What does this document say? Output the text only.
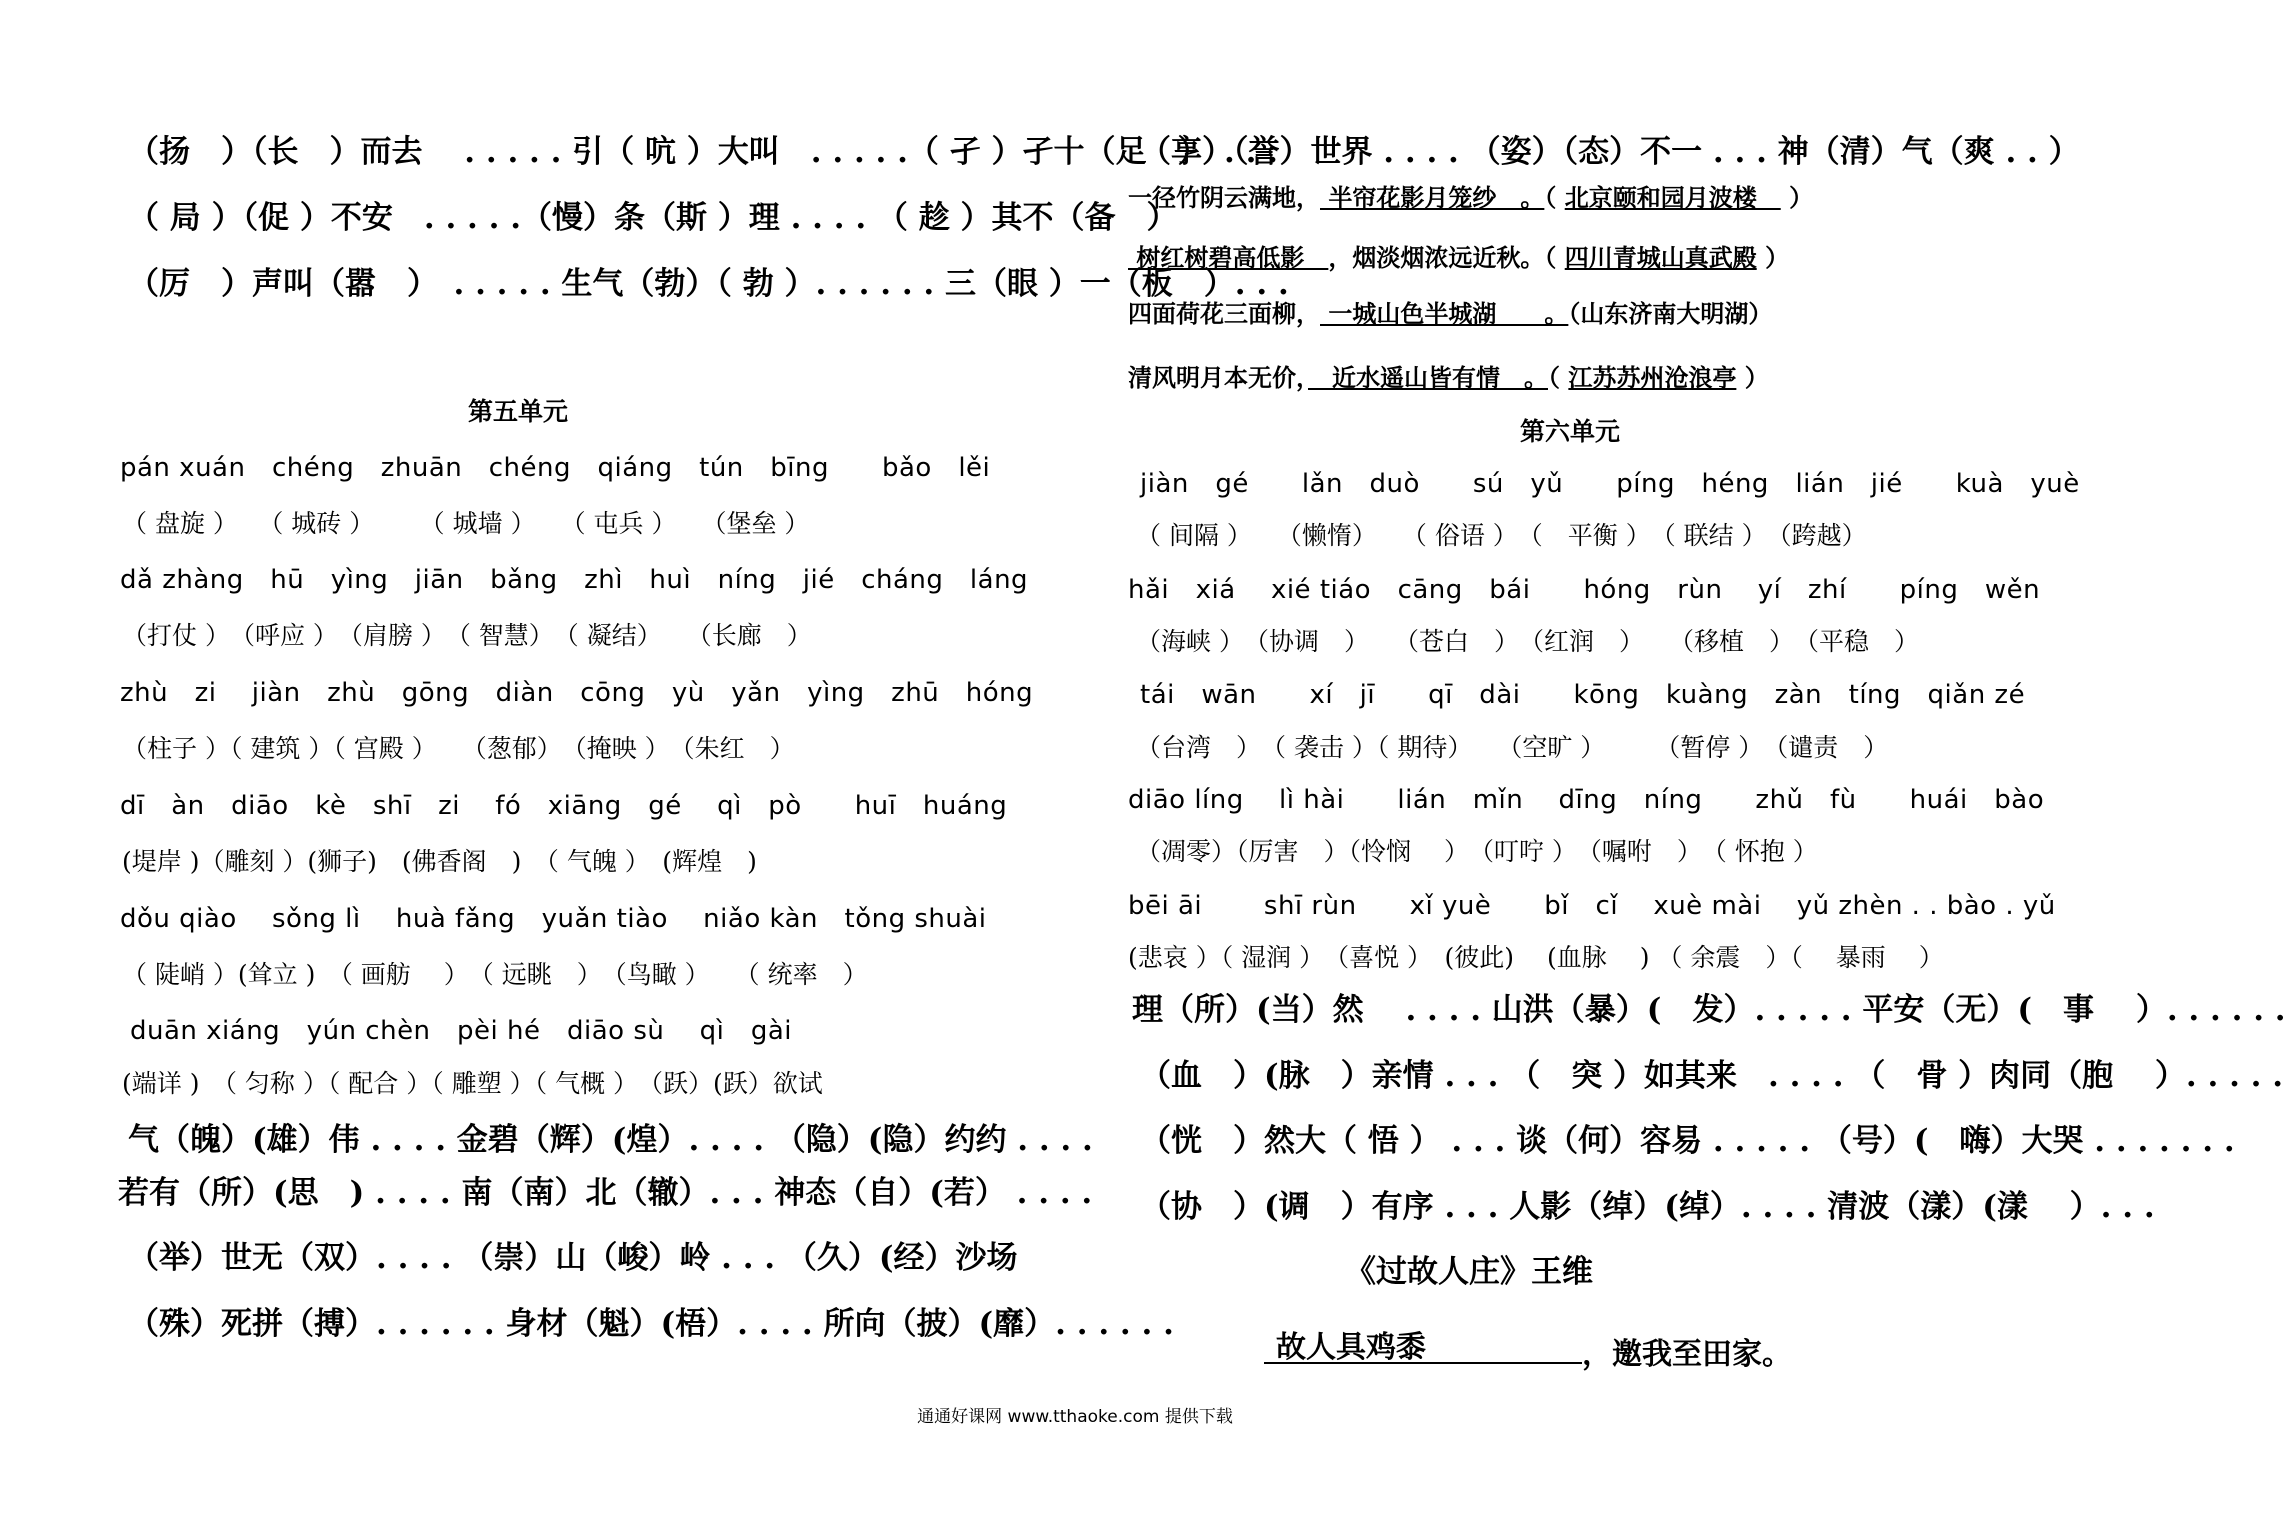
（扬　）（长　）而去　 . . . . . 引（ 吭 ）大叫　. . . . .（ 孑 ）孑十（足　）　. . .
（ 局 ）（促 ）不安　. . . . .（慢）条（斯 ）理 . . . . （ 趁 ）其不（备　）
（厉　）声叫（嚣　）　. . . . . 生气（勃）（ 勃 ）. . . . . . 三（眼 ）一（板　）. . .
第五单元
pán xuán　chéng　zhuān　chéng　qiáng　tún　bīng　　bǎo　lěi
（ 盘旋 ）　 （ 城砖 ）　　 （ 城墙 ）　　（ 屯兵 ）　　（堡垒 ）
dǎ zhàng　hū　yìng　jiān　bǎng　zhì　huì　níng　jié　cháng　láng
（打仗 ）　（呼应 ）　（肩膀 ）　（ 智慧）　（ 凝结）　　（长廊　）
zhù　zi　 jiàn　zhù　gōng　diàn　cōng　yù　yǎn　yìng　zhū　hóng
（柱子 ）（ 建筑 ）（ 宫殿 ）　　（葱郁）　（掩映 ）　（朱红　）
dī　àn　diāo　kè　shī　zi　 fó　xiāng　gé　 qì　pò　　huī　huáng
(堤岸 )（雕刻 ）(狮子)　(佛香阁　)　（ 气魄 ）　(辉煌　)
dǒu qiào　 sǒng lì　 huà fǎng　yuǎn tiào　 niǎo kàn　tǒng shuài
（ 陡峭 ）(耸立 )　（ 画舫　 ）　（ 远眺　）　（鸟瞰 ）　　（ 统率　）
duān xiáng　yún chèn　pèi hé　diāo sù　 qì　gài
(端详 )　（ 匀称 ）（ 配合 ）（ 雕塑 ）（ 气概 ）　（跃）(跃）欲试
气（魄）(雄）伟 . . . . 金碧（辉）(煌）. . . . （隐）(隐）约约 . . . .
若有（所）(思　) . . . . 南（南）北（辙）. . . 神态（自）(若） . . . .
（举）世无（双）. . . . （崇）山（峻）岭 . . . （久）(经）沙场
（殊）死拼（搏）. . . . . . 身材（魁）(梧）. . . . 所向（披）(靡）. . . . . .
（享）（誉）世界 . . . . （姿）（态）不一 . . . 神（清）气（爽 . . ）
一径竹阴云满地， 半帘花影月笼纱　。（ 北京颐和园月波楼　 ）
树红树碧高低影　，烟淡烟浓远近秋。（ 四川青城山真武殿 ）
四面荷花三面柳， 一城山色半城湖　　。（山东济南大明湖）
清风明月本无价，　近水遥山皆有情　。（ 江苏苏州沧浪亭 ）
第六单元
jiàn　gé　　lǎn　duò　　sú　yǔ　　píng　héng　lián　jié　　kuà　yuè
（ 间隔 ）　　（懒惰）　　（ 俗语 ）　（　平衡 ）　（ 联结 ）　（跨越）
hǎi　xiá　 xié tiáo　cāng　bái　　hóng　rùn　 yí　zhí　　píng　wěn
（海峡 ）　（协调　）　　（苍白　）　（红润　）　　（移植　）　（平稳　）
tái　wān　　xí　jī　　qī　dài　　kōng　kuàng　zàn　tíng　qiǎn zé
（台湾　）　（ 袭击 ）（ 期待）　　（空旷 ）　　　（暂停 ）　（谴责　）
diāo líng　 lì hài　　lián　mǐn　 dīng　níng　　zhǔ　fù　　huái　bào
（凋零）（厉害　）（怜悯　 ）　（叮咛 ）　（嘱咐　）　（ 怀抱 ）
bēi āi　　 shī rùn　　xǐ yuè　　bǐ　cǐ　 xuè mài　 yǔ zhèn . . bào . yǔ
(悲哀 ）（ 湿润 ）　（喜悦 ）　(彼此)　 (血脉　 ) （ 余震　）（　 暴雨　 ）
理（所）(当）然　 . . . . 山洪（暴）(　发）. . . . . 平安（无）(　事　 ）. . . . . .
（血　）(脉　）亲情 . . . （　突 ）如其来　. . . . （　骨 ）肉同（胞　 ）. . . . .
（恍　）然大（ 悟 ） . . . 谈（何）容易 . . . . . （号）(　嗨）大哭 . . . . . . .
（协　）(调　）有序 . . . 人影（绰）(绰）. . . . 清波（漾）(漾　 ）. . .
《过故人庄》王维
故人具鸡黍	，邀我至田家。
通通好课网 www.tthaoke.com 提供下载
